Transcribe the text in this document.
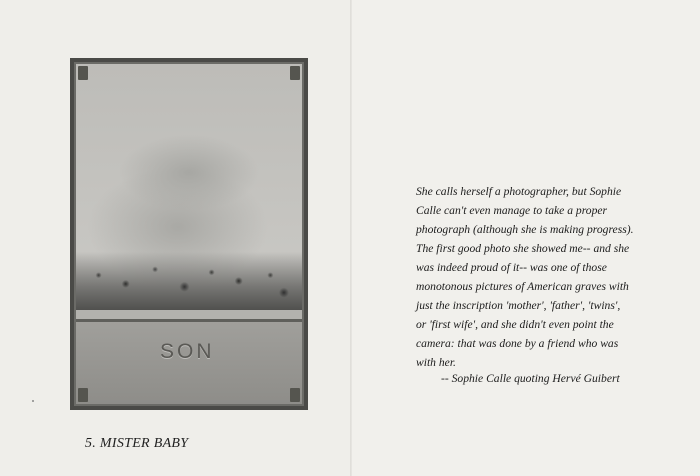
SON
5. MISTER BABY
She calls herself a photographer, but Sophie
Calle can't even manage to take a proper
photograph (although she is making progress).
The first good photo she showed me-- and she
was indeed proud of it-- was one of those
monotonous pictures of American graves with
just the inscription 'mother', 'father', 'twins',
or 'first wife', and she didn't even point the
camera: that was done by a friend who was
with her.
-- Sophie Calle quoting Hervé Guibert
